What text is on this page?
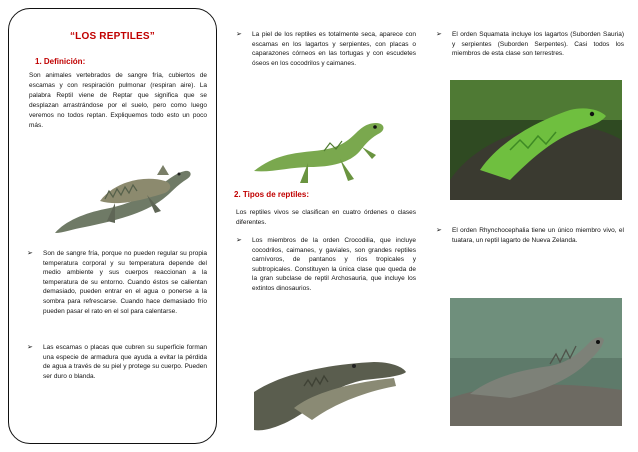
“LOS REPTILES”
1. Definición:
Son animales vertebrados de sangre fría, cubiertos de escamas y con respiración pulmonar (respiran aire). La palabra Reptil viene de Reptar que significa que se desplazan arrastrándose por el suelo, pero como luego veremos no todos reptan. Expliquemos todo esto un poco más.
➢ Son de sangre fría, porque no pueden regular su propia temperatura corporal y su temperatura depende del medio ambiente y sus cuerpos reaccionan a la temperatura de su entorno. Cuando éstos se calientan demasiado, pueden entrar en el agua o ponerse a la sombra para refrescarse. Cuando hace demasiado frío pueden pasar el rato en el sol para calentarse.
➢ Las escamas o placas que cubren su superficie forman una especie de armadura que ayuda a evitar la pérdida de agua a través de su piel y protege su cuerpo. Pueden ser duro o blanda.
➢ La piel de los reptiles es totalmente seca, aparece con escamas en los lagartos y serpientes, con placas o caparazones córneos en las tortugas y con escudetes óseos en los cocodrilos y caimanes.
2. Tipos de reptiles:
Los reptiles vivos se clasifican en cuatro órdenes o clases diferentes.
➢ Los miembros de la orden Crocodilia, que incluye cocodrilos, caimanes, y gaviales, son grandes reptiles carnívoros, de pantanos y ríos tropicales y subtropicales. Constituyen la única clase que queda de la gran subclase de reptil Archosauria, que incluye los extintos dinosaurios.
➢ El orden Squamata incluye los lagartos (Suborden Sauria) y serpientes (Suborden Serpentes). Casi todos los miembros de esta clase son terrestres.
➢ El orden Rhynchocephalia tiene un único miembro vivo, el tuatara, un reptil lagarto de Nueva Zelanda.
